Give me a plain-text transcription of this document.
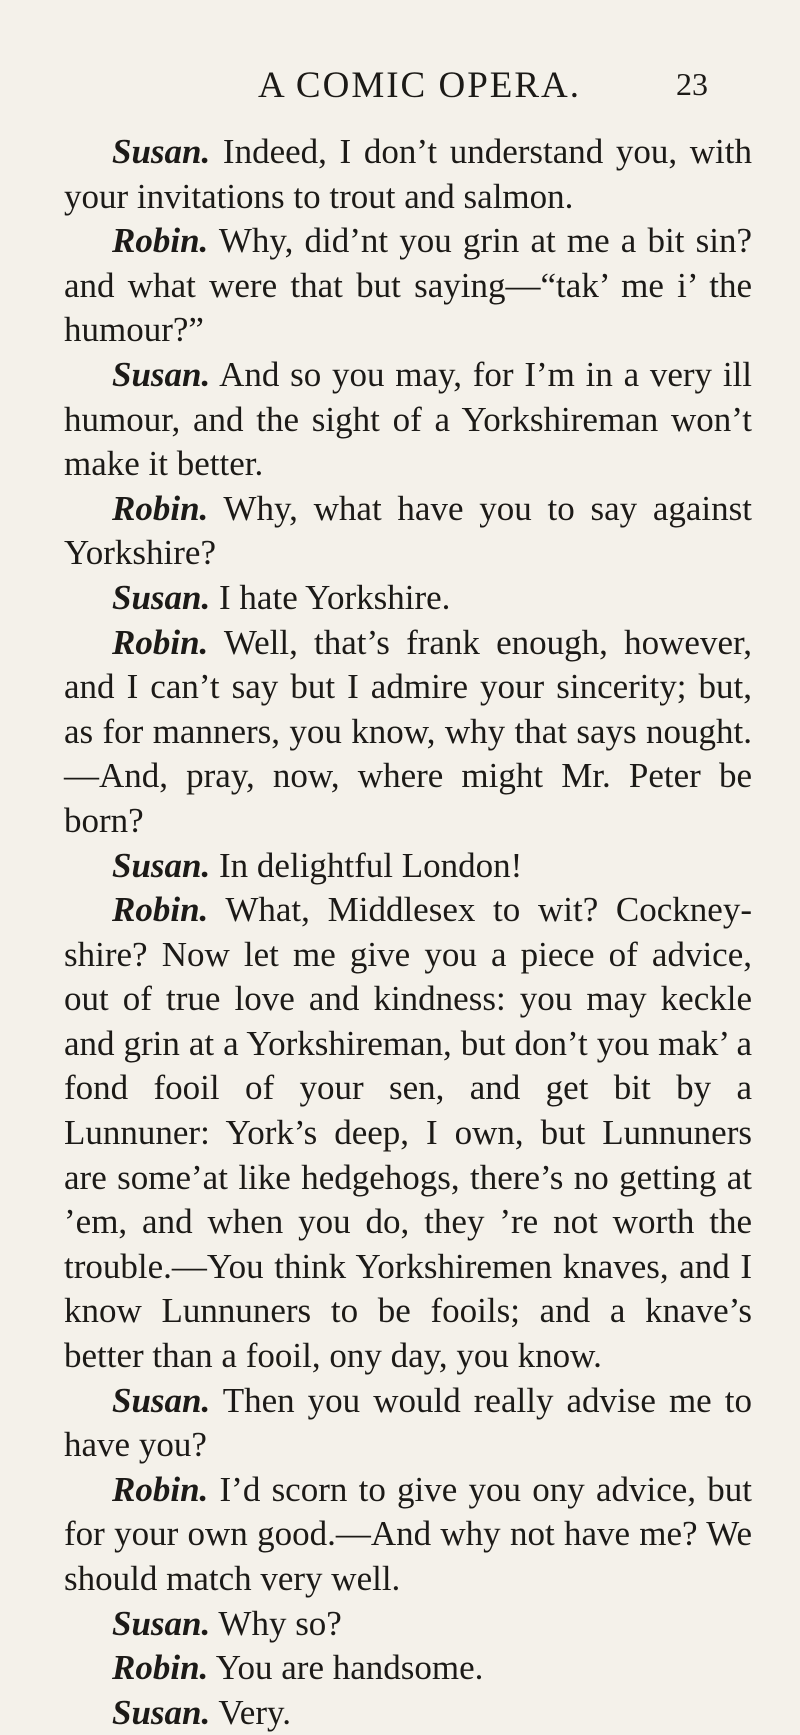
A COMIC OPERA.	23

Susan. Indeed, I don’t understand you, with your invitations to trout and salmon.

Robin. Why, did’nt you grin at me a bit sin? and what were that but saying—“tak’ me i’ the humour?”

Susan. And so you may, for I’m in a very ill humour, and the sight of a Yorkshireman won’t make it better.

Robin. Why, what have you to say against Yorkshire?

Susan. I hate Yorkshire.

Robin. Well, that’s frank enough, however, and I can’t say but I admire your sincerity; but, as for manners, you know, why that says nought.—And, pray, now, where might Mr. Peter be born?

Susan. In delightful London!

Robin. What, Middlesex to wit? Cockney-shire? Now let me give you a piece of advice, out of true love and kindness: you may keckle and grin at a Yorkshireman, but don’t you mak’ a fond fooil of your sen, and get bit by a Lunnuner: York’s deep, I own, but Lunnuners are some’at like hedgehogs, there’s no getting at ’em, and when you do, they ’re not worth the trouble.—You think Yorkshiremen knaves, and I know Lunnuners to be fooils; and a knave’s better than a fooil, ony day, you know.

Susan. Then you would really advise me to have you?

Robin. I’d scorn to give you ony advice, but for your own good.—And why not have me? We should match very well.

Susan. Why so?

Robin. You are handsome.

Susan. Very.
